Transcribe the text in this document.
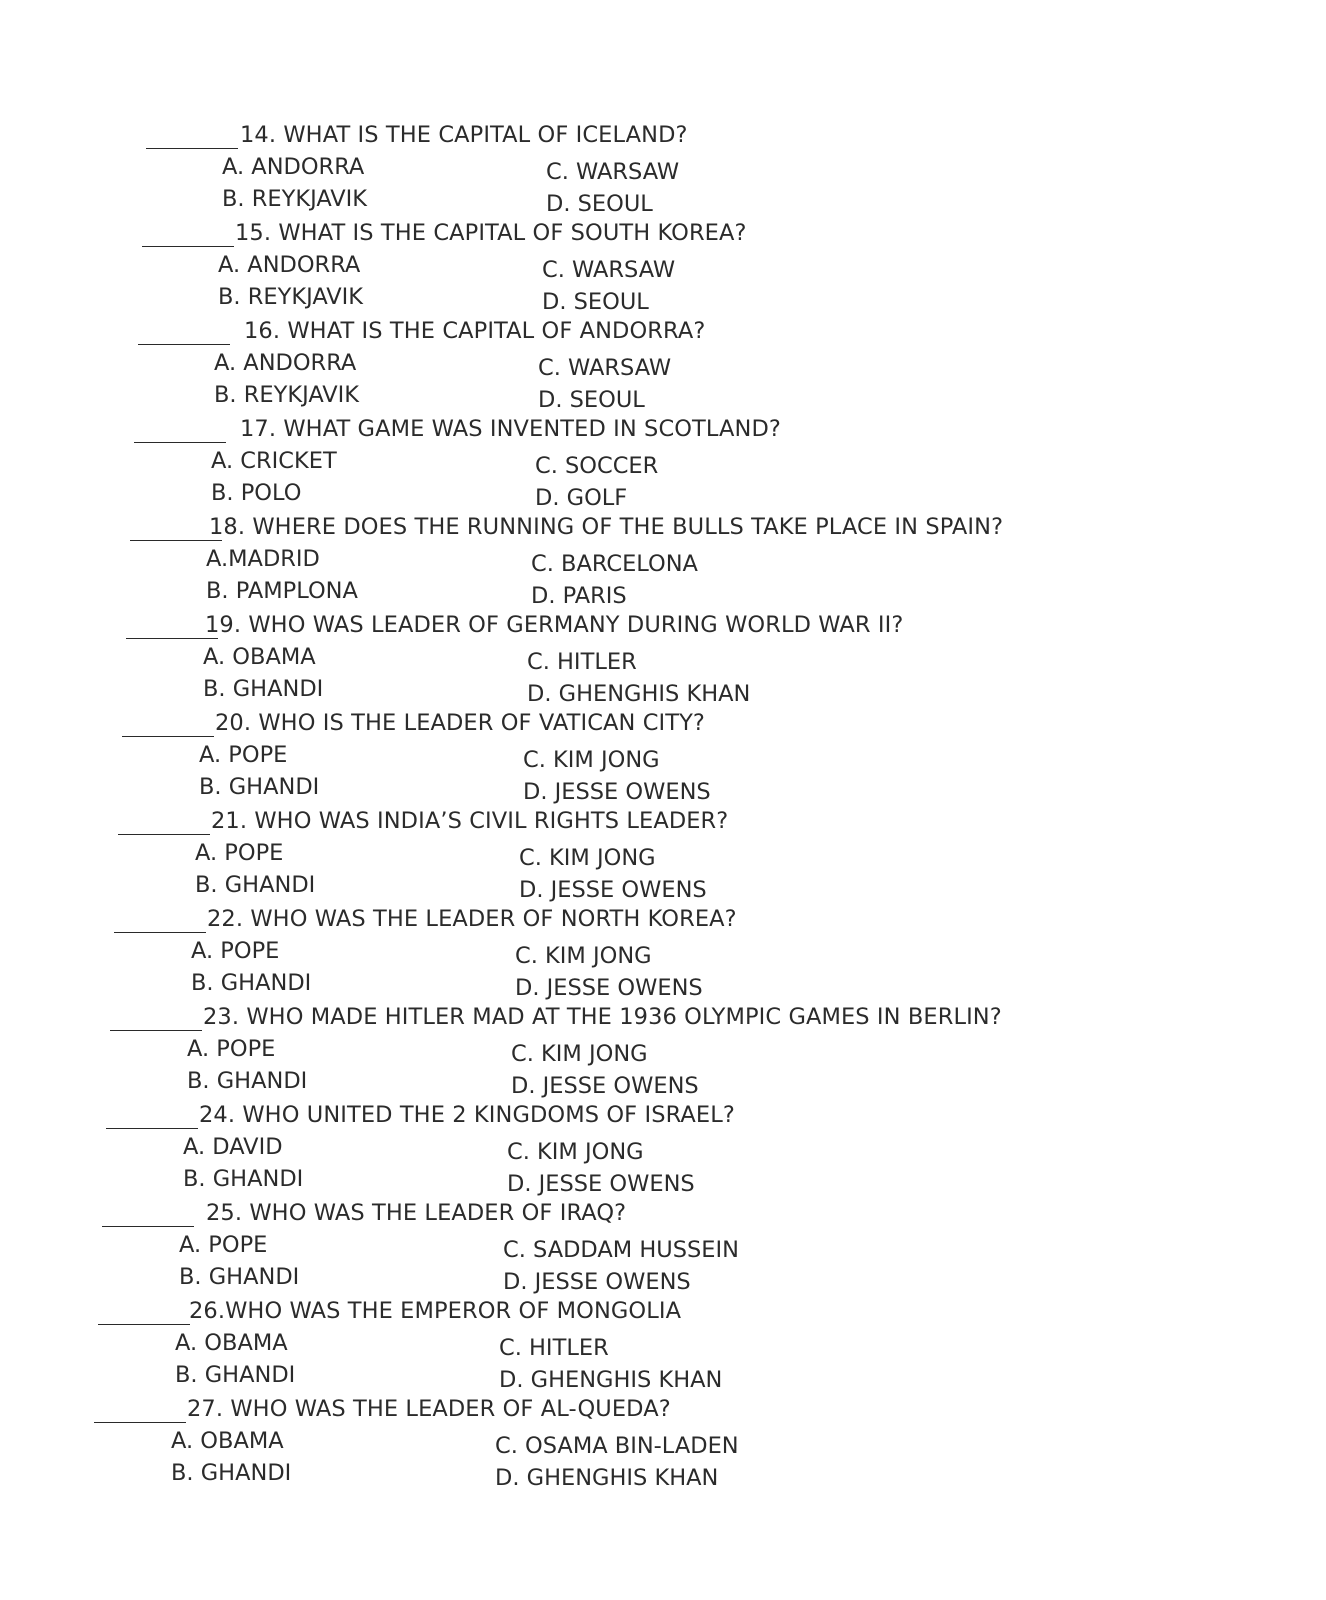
14. WHAT IS THE CAPITAL OF ICELAND?
A. ANDORRA
B. REYKJAVIK
C. WARSAW
D. SEOUL
15. WHAT IS THE CAPITAL OF SOUTH KOREA?
A. ANDORRA
B. REYKJAVIK
C. WARSAW
D. SEOUL
16. WHAT IS THE CAPITAL OF ANDORRA?
A. ANDORRA
B. REYKJAVIK
C. WARSAW
D. SEOUL
17. WHAT GAME WAS INVENTED IN SCOTLAND?
A. CRICKET
B. POLO
C. SOCCER
D. GOLF
18. WHERE DOES THE RUNNING OF THE BULLS TAKE PLACE IN SPAIN?
A.MADRID
B. PAMPLONA
C. BARCELONA
D. PARIS
19. WHO WAS LEADER OF GERMANY DURING WORLD WAR II?
A. OBAMA
B. GHANDI
C. HITLER
D. GHENGHIS KHAN
20. WHO IS THE LEADER OF VATICAN CITY?
A. POPE
B. GHANDI
C. KIM JONG
D. JESSE OWENS
21. WHO WAS INDIA’S CIVIL RIGHTS LEADER?
A. POPE
B. GHANDI
C. KIM JONG
D. JESSE OWENS
22. WHO WAS THE LEADER OF NORTH KOREA?
A. POPE
B. GHANDI
C. KIM JONG
D. JESSE OWENS
23. WHO MADE HITLER MAD AT THE 1936 OLYMPIC GAMES IN BERLIN?
A. POPE
B. GHANDI
C. KIM JONG
D. JESSE OWENS
24. WHO UNITED THE 2 KINGDOMS OF ISRAEL?
A. DAVID
B. GHANDI
C. KIM JONG
D. JESSE OWENS
25. WHO WAS THE LEADER OF IRAQ?
A. POPE
B. GHANDI
C. SADDAM HUSSEIN
D. JESSE OWENS
26.WHO WAS THE EMPEROR OF MONGOLIA
A. OBAMA
B. GHANDI
C. HITLER
D. GHENGHIS KHAN
27. WHO WAS THE LEADER OF AL-QUEDA?
A. OBAMA
B. GHANDI
C. OSAMA BIN-LADEN
D. GHENGHIS KHAN
